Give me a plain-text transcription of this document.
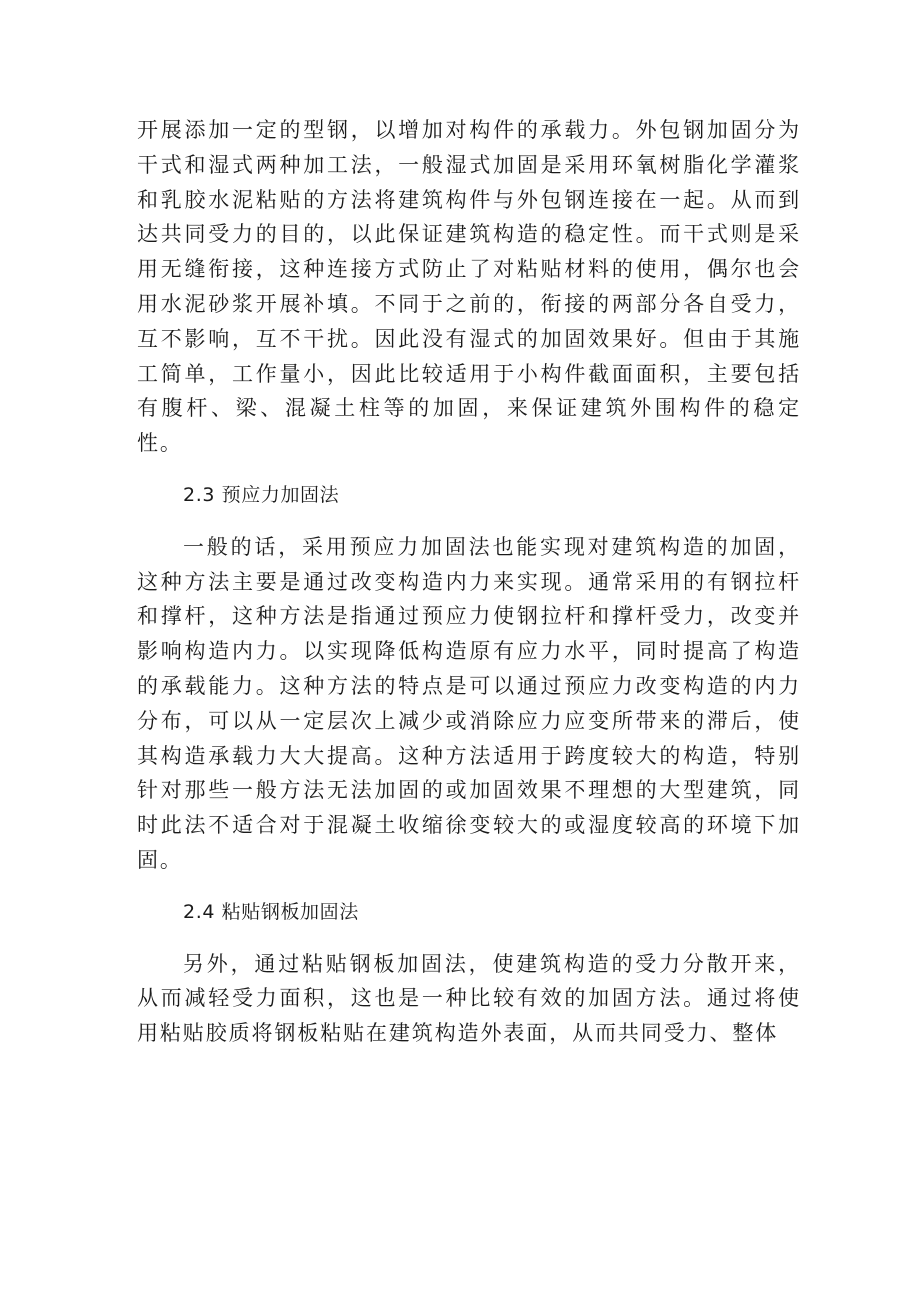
开展添加一定的型钢，以增加对构件的承载力。外包钢加固分为干式和湿式两种加工法，一般湿式加固是采用环氧树脂化学灌浆和乳胶水泥粘贴的方法将建筑构件与外包钢连接在一起。从而到达共同受力的目的，以此保证建筑构造的稳定性。而干式则是采用无缝衔接，这种连接方式防止了对粘贴材料的使用，偶尔也会用水泥砂浆开展补填。不同于之前的，衔接的两部分各自受力，互不影响，互不干扰。因此没有湿式的加固效果好。但由于其施工简单，工作量小，因此比较适用于小构件截面面积，主要包括有腹杆、梁、混凝土柱等的加固，来保证建筑外围构件的稳定性。

2.3 预应力加固法

一般的话，采用预应力加固法也能实现对建筑构造的加固，这种方法主要是通过改变构造内力来实现。通常采用的有钢拉杆和撑杆，这种方法是指通过预应力使钢拉杆和撑杆受力，改变并影响构造内力。以实现降低构造原有应力水平，同时提高了构造的承载能力。这种方法的特点是可以通过预应力改变构造的内力分布，可以从一定层次上减少或消除应力应变所带来的滞后，使其构造承载力大大提高。这种方法适用于跨度较大的构造，特别针对那些一般方法无法加固的或加固效果不理想的大型建筑，同时此法不适合对于混凝土收缩徐变较大的或湿度较高的环境下加固。

2.4 粘贴钢板加固法

另外，通过粘贴钢板加固法，使建筑构造的受力分散开来，从而减轻受力面积，这也是一种比较有效的加固方法。通过将使用粘贴胶质将钢板粘贴在建筑构造外表面，从而共同受力、整体
